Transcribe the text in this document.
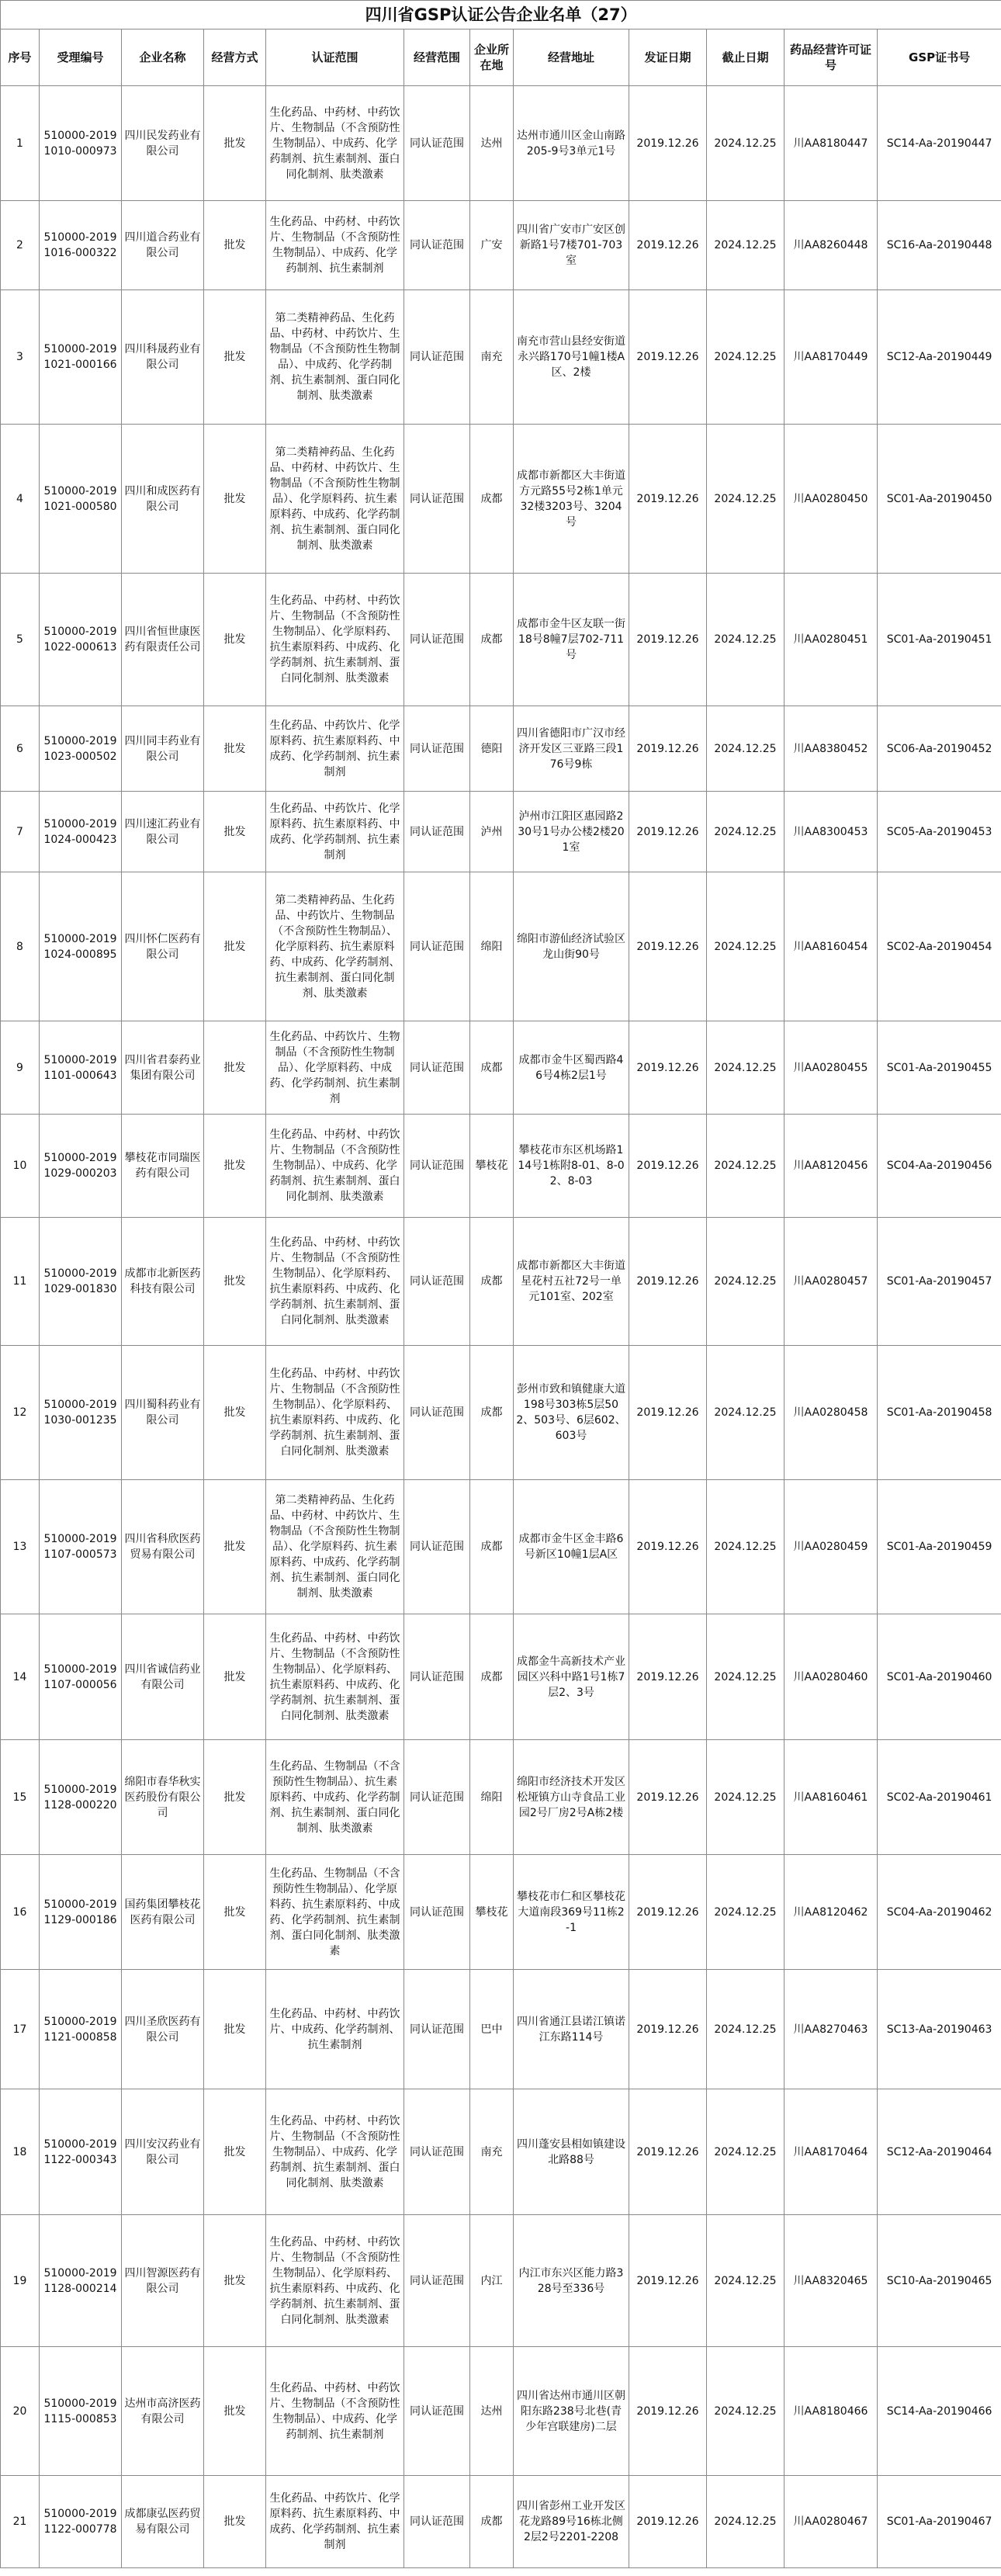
四川省GSP认证公告企业名单（27）											
序号	受理编号	企业名称	经营方式	认证范围	经营范围	企业所在地	经营地址	发证日期	截止日期	药品经营许可证号	GSP证书号
1	510000-20191010-000973	四川民发药业有限公司	批发	生化药品、中药材、中药饮片、生物制品（不含预防性生物制品）、中成药、化学药制剂、抗生素制剂、蛋白同化制剂、肽类激素	同认证范围	达州	达州市通川区金山南路205-9号3单元1号	2019.12.26	2024.12.25	川AA8180447	SC14-Aa-20190447
2	510000-20191016-000322	四川道合药业有限公司	批发	生化药品、中药材、中药饮片、生物制品（不含预防性生物制品）、中成药、化学药制剂、抗生素制剂	同认证范围	广安	四川省广安市广安区创新路1号7楼701-703室	2019.12.26	2024.12.25	川AA8260448	SC16-Aa-20190448
3	510000-20191021-000166	四川科晟药业有限公司	批发	第二类精神药品、生化药品、中药材、中药饮片、生物制品（不含预防性生物制品）、中成药、化学药制剂、抗生素制剂、蛋白同化制剂、肽类激素	同认证范围	南充	南充市营山县经安街道永兴路170号1幢1楼A区、2楼	2019.12.26	2024.12.25	川AA8170449	SC12-Aa-20190449
4	510000-20191021-000580	四川和成医药有限公司	批发	第二类精神药品、生化药品、中药材、中药饮片、生物制品（不含预防性生物制品）、化学原料药、抗生素原料药、中成药、化学药制剂、抗生素制剂、蛋白同化制剂、肽类激素	同认证范围	成都	成都市新都区大丰街道方元路55号2栋1单元32楼3203号、3204号	2019.12.26	2024.12.25	川AA0280450	SC01-Aa-20190450
5	510000-20191022-000613	四川省恒世康医药有限责任公司	批发	生化药品、中药材、中药饮片、生物制品（不含预防性生物制品）、化学原料药、抗生素原料药、中成药、化学药制剂、抗生素制剂、蛋白同化制剂、肽类激素	同认证范围	成都	成都市金牛区友联一街18号8幢7层702-711号	2019.12.26	2024.12.25	川AA0280451	SC01-Aa-20190451
6	510000-20191023-000502	四川同丰药业有限公司	批发	生化药品、中药饮片、化学原料药、抗生素原料药、中成药、化学药制剂、抗生素制剂	同认证范围	德阳	四川省德阳市广汉市经济开发区三亚路三段176号9栋	2019.12.26	2024.12.25	川AA8380452	SC06-Aa-20190452
7	510000-20191024-000423	四川速汇药业有限公司	批发	生化药品、中药饮片、化学原料药、抗生素原料药、中成药、化学药制剂、抗生素制剂	同认证范围	泸州	泸州市江阳区惠园路230号1号办公楼2楼201室	2019.12.26	2024.12.25	川AA8300453	SC05-Aa-20190453
8	510000-20191024-000895	四川怀仁医药有限公司	批发	第二类精神药品、生化药品、中药饮片、生物制品（不含预防性生物制品）、化学原料药、抗生素原料药、中成药、化学药制剂、抗生素制剂、蛋白同化制剂、肽类激素	同认证范围	绵阳	绵阳市游仙经济试验区龙山街90号	2019.12.26	2024.12.25	川AA8160454	SC02-Aa-20190454
9	510000-20191101-000643	四川省君泰药业集团有限公司	批发	生化药品、中药饮片、生物制品（不含预防性生物制品）、化学原料药、中成药、化学药制剂、抗生素制剂	同认证范围	成都	成都市金牛区蜀西路46号4栋2层1号	2019.12.26	2024.12.25	川AA0280455	SC01-Aa-20190455
10	510000-20191029-000203	攀枝花市同瑞医药有限公司	批发	生化药品、中药材、中药饮片、生物制品（不含预防性生物制品）、中成药、化学药制剂、抗生素制剂、蛋白同化制剂、肽类激素	同认证范围	攀枝花	攀枝花市东区机场路114号1栋附8-01、8-02、8-03	2019.12.26	2024.12.25	川AA8120456	SC04-Aa-20190456
11	510000-20191029-001830	成都市北新医药科技有限公司	批发	生化药品、中药材、中药饮片、生物制品（不含预防性生物制品）、化学原料药、抗生素原料药、中成药、化学药制剂、抗生素制剂、蛋白同化制剂、肽类激素	同认证范围	成都	成都市新都区大丰街道星花村五社72号一单元101室、202室	2019.12.26	2024.12.25	川AA0280457	SC01-Aa-20190457
12	510000-20191030-001235	四川蜀科药业有限公司	批发	生化药品、中药材、中药饮片、生物制品（不含预防性生物制品）、化学原料药、抗生素原料药、中成药、化学药制剂、抗生素制剂、蛋白同化制剂、肽类激素	同认证范围	成都	彭州市致和镇健康大道198号303栋5层502、503号、6层602、603号	2019.12.26	2024.12.25	川AA0280458	SC01-Aa-20190458
13	510000-20191107-000573	四川省科欣医药贸易有限公司	批发	第二类精神药品、生化药品、中药材、中药饮片、生物制品（不含预防性生物制品）、化学原料药、抗生素原料药、中成药、化学药制剂、抗生素制剂、蛋白同化制剂、肽类激素	同认证范围	成都	成都市金牛区金丰路6号新区10幢1层A区	2019.12.26	2024.12.25	川AA0280459	SC01-Aa-20190459
14	510000-20191107-000056	四川省诚信药业有限公司	批发	生化药品、中药材、中药饮片、生物制品（不含预防性生物制品）、化学原料药、抗生素原料药、中成药、化学药制剂、抗生素制剂、蛋白同化制剂、肽类激素	同认证范围	成都	成都金牛高新技术产业园区兴科中路1号1栋7层2、3号	2019.12.26	2024.12.25	川AA0280460	SC01-Aa-20190460
15	510000-20191128-000220	绵阳市春华秋实医药股份有限公司	批发	生化药品、生物制品（不含预防性生物制品）、抗生素原料药、中成药、化学药制剂、抗生素制剂、蛋白同化制剂、肽类激素	同认证范围	绵阳	绵阳市经济技术开发区松垭镇方山寺食品工业园2号厂房2号A栋2楼	2019.12.26	2024.12.25	川AA8160461	SC02-Aa-20190461
16	510000-20191129-000186	国药集团攀枝花医药有限公司	批发	生化药品、生物制品（不含预防性生物制品）、化学原料药、抗生素原料药、中成药、化学药制剂、抗生素制剂、蛋白同化制剂、肽类激素	同认证范围	攀枝花	攀枝花市仁和区攀枝花大道南段369号11栋2-1	2019.12.26	2024.12.25	川AA8120462	SC04-Aa-20190462
17	510000-20191121-000858	四川圣欣医药有限公司	批发	生化药品、中药材、中药饮片、中成药、化学药制剂、抗生素制剂	同认证范围	巴中	四川省通江县诺江镇诺江东路114号	2019.12.26	2024.12.25	川AA8270463	SC13-Aa-20190463
18	510000-20191122-000343	四川安汉药业有限公司	批发	生化药品、中药材、中药饮片、生物制品（不含预防性生物制品）、中成药、化学药制剂、抗生素制剂、蛋白同化制剂、肽类激素	同认证范围	南充	四川蓬安县相如镇建设北路88号	2019.12.26	2024.12.25	川AA8170464	SC12-Aa-20190464
19	510000-20191128-000214	四川智源医药有限公司	批发	生化药品、中药材、中药饮片、生物制品（不含预防性生物制品）、化学原料药、抗生素原料药、中成药、化学药制剂、抗生素制剂、蛋白同化制剂、肽类激素	同认证范围	内江	内江市东兴区能力路328号至336号	2019.12.26	2024.12.25	川AA8320465	SC10-Aa-20190465
20	510000-20191115-000853	达州市高济医药有限公司	批发	生化药品、中药材、中药饮片、生物制品（不含预防性生物制品）、中成药、化学药制剂、抗生素制剂	同认证范围	达州	四川省达州市通川区朝阳东路238号北巷(青少年宫联建房)二层	2019.12.26	2024.12.25	川AA8180466	SC14-Aa-20190466
21	510000-20191122-000778	成都康弘医药贸易有限公司	批发	生化药品、中药饮片、化学原料药、抗生素原料药、中成药、化学药制剂、抗生素制剂	同认证范围	成都	四川省彭州工业开发区花龙路89号16栋北侧2层2号2201-2208	2019.12.26	2024.12.25	川AA0280467	SC01-Aa-20190467
